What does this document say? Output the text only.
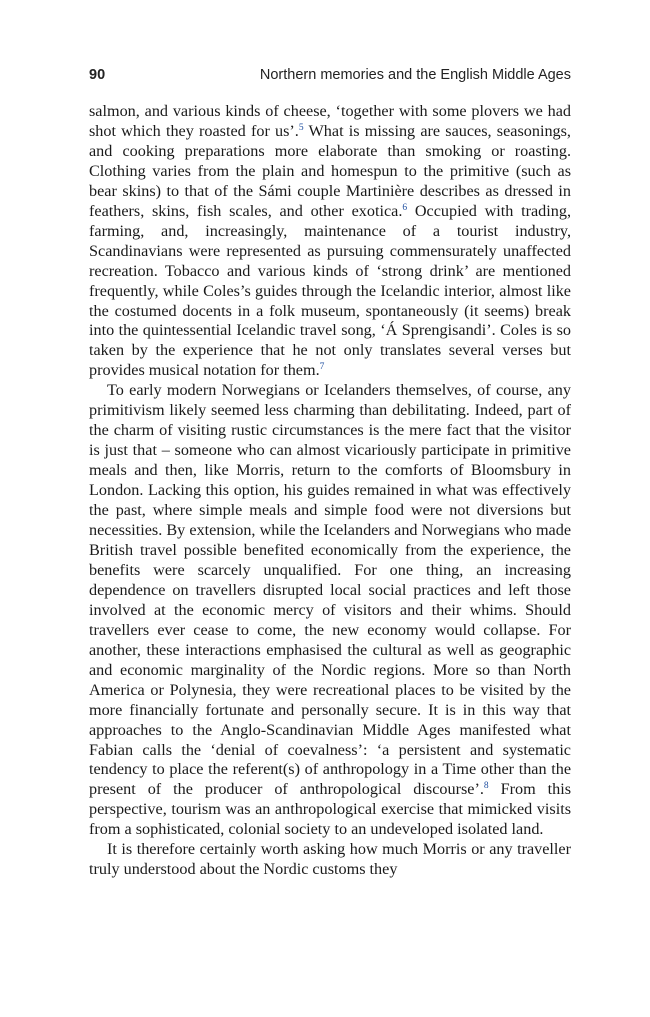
90	Northern memories and the English Middle Ages

salmon, and various kinds of cheese, ‘together with some plovers we had shot which they roasted for us’.$^5$ What is missing are sauces, seasonings, and cooking preparations more elaborate than smoking or roasting. Clothing varies from the plain and homespun to the primitive (such as bear skins) to that of the Sámi couple Martinière describes as dressed in feathers, skins, fish scales, and other exotica.$^6$ Occupied with trading, farming, and, increasingly, maintenance of a tourist industry, Scandinavians were represented as pursuing commensurately unaffected recreation. Tobacco and various kinds of ‘strong drink’ are mentioned frequently, while Coles’s guides through the Icelandic interior, almost like the costumed docents in a folk museum, spontaneously (it seems) break into the quintessential Icelandic travel song, ‘Á Sprengisandi’. Coles is so taken by the experience that he not only translates several verses but provides musical notation for them.$^7$

To early modern Norwegians or Icelanders themselves, of course, any primitivism likely seemed less charming than debilitating. Indeed, part of the charm of visiting rustic circumstances is the mere fact that the visitor is just that – someone who can almost vicariously participate in primitive meals and then, like Morris, return to the comforts of Bloomsbury in London. Lacking this option, his guides remained in what was effectively the past, where simple meals and simple food were not diversions but necessities. By extension, while the Icelanders and Norwegians who made British travel possible benefited economically from the experience, the benefits were scarcely unqualified. For one thing, an increasing dependence on travellers disrupted local social practices and left those involved at the economic mercy of visitors and their whims. Should travellers ever cease to come, the new economy would collapse. For another, these interactions emphasised the cultural as well as geographic and economic marginality of the Nordic regions. More so than North America or Polynesia, they were recreational places to be visited by the more financially fortunate and personally secure. It is in this way that approaches to the Anglo-Scandinavian Middle Ages manifested what Fabian calls the ‘denial of coevalness’: ‘a persistent and systematic tendency to place the referent(s) of anthropology in a Time other than the present of the producer of anthropological discourse’.$^8$ From this perspective, tourism was an anthropological exercise that mimicked visits from a sophisticated, colonial society to an undeveloped isolated land.

It is therefore certainly worth asking how much Morris or any traveller truly understood about the Nordic customs they
